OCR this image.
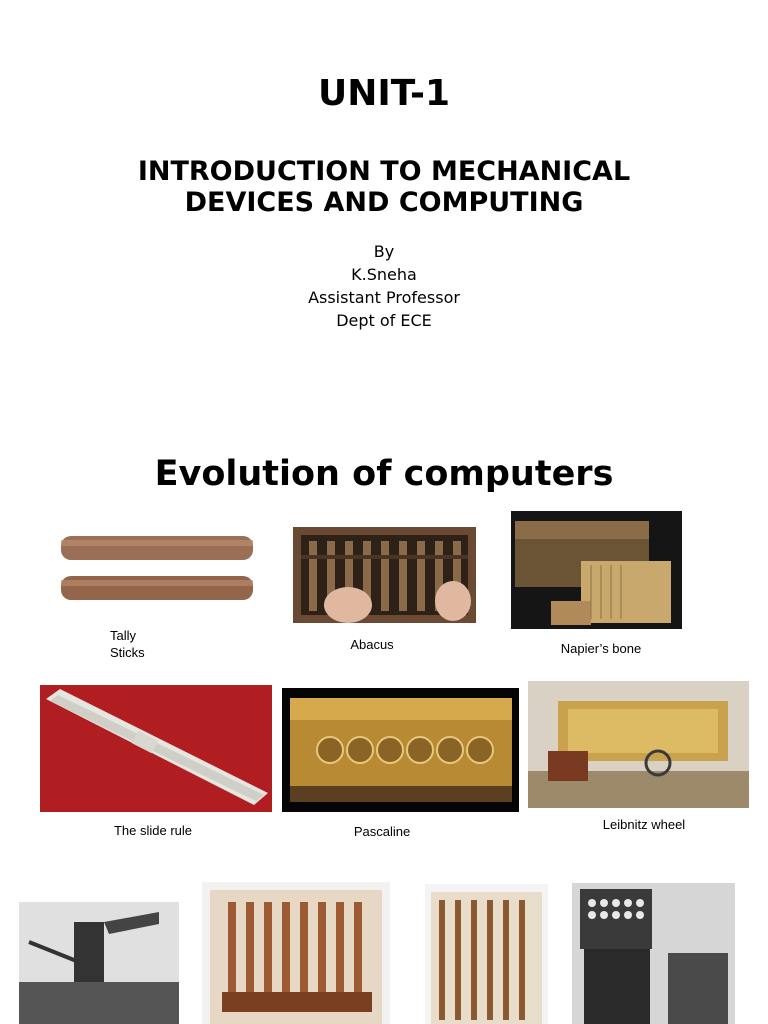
UNIT-1
INTRODUCTION TO MECHANICAL
DEVICES AND COMPUTING
By
K.Sneha
Assistant Professor
Dept of ECE
Evolution of computers
Tally
Sticks
Abacus	Napier’s bone
The slide rule	Pascaline	Leibnitz wheel
